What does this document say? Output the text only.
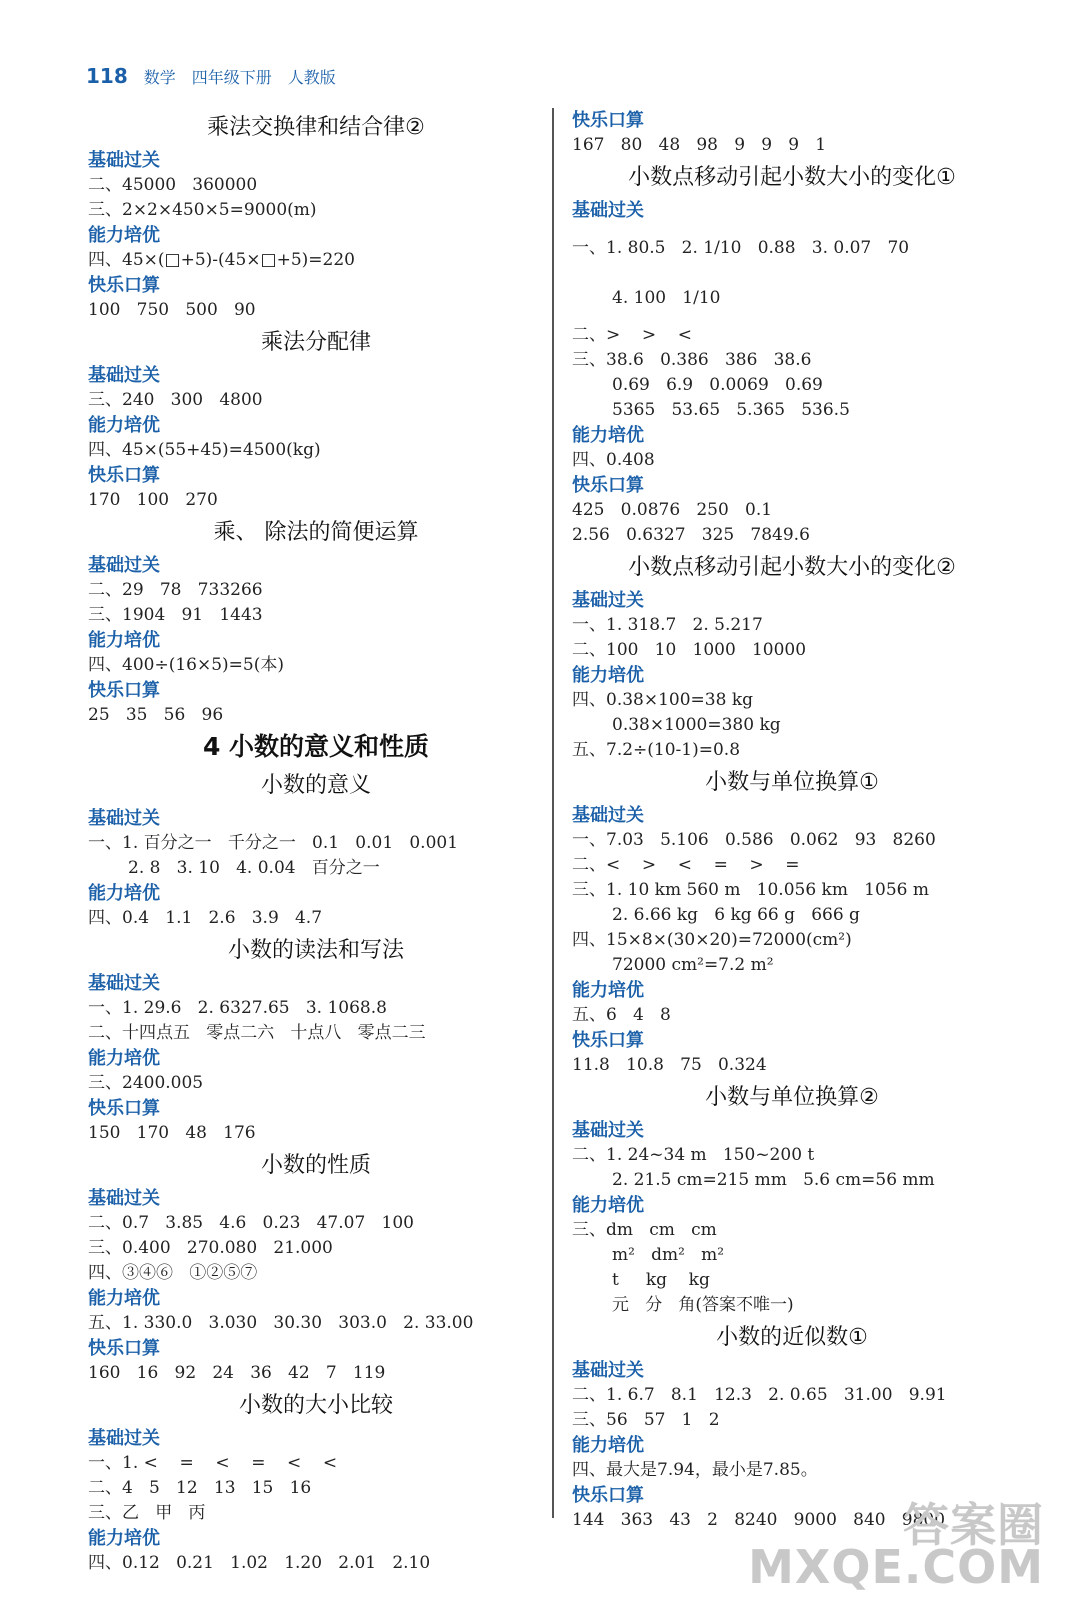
118 数学 四年级下册 人教版
乘法交换律和结合律②
基础过关
二、45000   360000
三、2×2×450×5=9000(m)
能力培优
四、45×(□+5)-(45×□+5)=220
快乐口算
100   750   500   90
乘法分配律
基础过关
三、240   300   4800
能力培优
四、45×(55+45)=4500(kg)
快乐口算
170   100   270
乘、 除法的简便运算
基础过关
二、29   78   733266
三、1904   91   1443
能力培优
四、400÷(16×5)=5(本)
快乐口算
25   35   56   96
4 小数的意义和性质
小数的意义
基础过关
一、1. 百分之一   千分之一   0.1   0.01   0.001
2. 8   3. 10   4. 0.04   百分之一
能力培优
四、0.4   1.1   2.6   3.9   4.7
小数的读法和写法
基础过关
一、1. 29.6   2. 6327.65   3. 1068.8
二、十四点五   零点二六   十点八   零点二三
能力培优
三、2400.005
快乐口算
150   170   48   176
小数的性质
基础过关
二、0.7   3.85   4.6   0.23   47.07   100
三、0.400   270.080   21.000
四、③④⑥   ①②⑤⑦
能力培优
五、1. 330.0   3.030   30.30   303.0   2. 33.00
快乐口算
160   16   92   24   36   42   7   119
小数的大小比较
基础过关
一、1. <    =    <    =    <    <
二、4   5   12   13   15   16
三、乙   甲   丙
能力培优
四、0.12   0.21   1.02   1.20   2.01   2.10
快乐口算
167   80   48   98   9   9   9   1
小数点移动引起小数大小的变化①
基础过关
一、1. 80.5   2. 1/10   0.88   3. 0.07   70
4. 100   1/10
二、>    >    <
三、38.6   0.386   386   38.6
0.69   6.9   0.0069   0.69
5365   53.65   5.365   536.5
能力培优
四、0.408
快乐口算
425   0.0876   250   0.1
2.56   0.6327   325   7849.6
小数点移动引起小数大小的变化②
基础过关
一、1. 318.7   2. 5.217
二、100   10   1000   10000
能力培优
四、0.38×100=38 kg
0.38×1000=380 kg
五、7.2÷(10-1)=0.8
小数与单位换算①
基础过关
一、7.03   5.106   0.586   0.062   93   8260
二、<    >    <    =    >    =
三、1. 10 km 560 m   10.056 km   1056 m
2. 6.66 kg   6 kg 66 g   666 g
四、15×8×(30×20)=72000(cm²)
72000 cm²=7.2 m²
能力培优
五、6   4   8
快乐口算
11.8   10.8   75   0.324
小数与单位换算②
基础过关
二、1. 24~34 m   150~200 t
2. 21.5 cm=215 mm   5.6 cm=56 mm
能力培优
三、dm   cm   cm
m²   dm²   m²
t     kg    kg
元   分   角(答案不唯一)
小数的近似数①
基础过关
二、1. 6.7   8.1   12.3   2. 0.65   31.00   9.91
三、56   57   1   2
能力培优
四、最大是7.94，最小是7.85。
快乐口算
144   363   43   2   8240   9000   840   9800
答案圈
MXQE.COM
